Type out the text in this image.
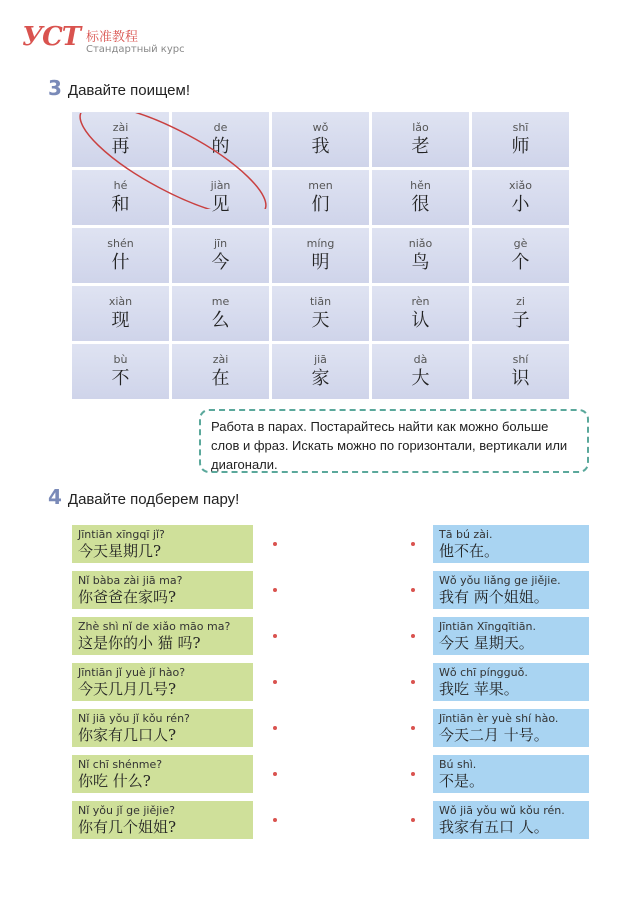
УСТ 标准教程
Стандартный курс
3 Давайте поищем!
zài
再
de
的
wǒ
我
lǎo
老
shī
师
hé
和
jiàn
见
men
们
hěn
很
xiǎo
小
shén
什
jīn
今
míng
明
niǎo
鸟
gè
个
xiàn
现
me
么
tiān
天
rèn
认
zi
子
bù
不
zài
在
jiā
家
dà
大
shí
识
Работа в парах. Постарайтесь найти как можно больше слов и фраз. Искать можно по горизонтали, вертикали или диагонали.
4 Давайте подберем пару!
Jīntiān xīngqī jǐ?
今天星期几?
Nǐ bàba zài jiā ma?
你爸爸在家吗?
Zhè shì nǐ de xiǎo māo ma?
这是你的小 猫 吗?
Jīntiān jǐ yuè jǐ hào?
今天几月几号?
Nǐ jiā yǒu jǐ kǒu rén?
你家有几口人?
Nǐ chī shénme?
你吃 什么?
Nǐ yǒu jǐ ge jiějie?
你有几个姐姐?
Tā bú zài.
他不在。
Wǒ yǒu liǎng ge jiějie.
我有 两个姐姐。
Jīntiān Xīngqītiān.
今天 星期天。
Wǒ chī píngguǒ.
我吃 苹果。
Jīntiān èr yuè shí hào.
今天二月 十号。
Bú shì.
不是。
Wǒ jiā yǒu wǔ kǒu rén.
我家有五口 人。
